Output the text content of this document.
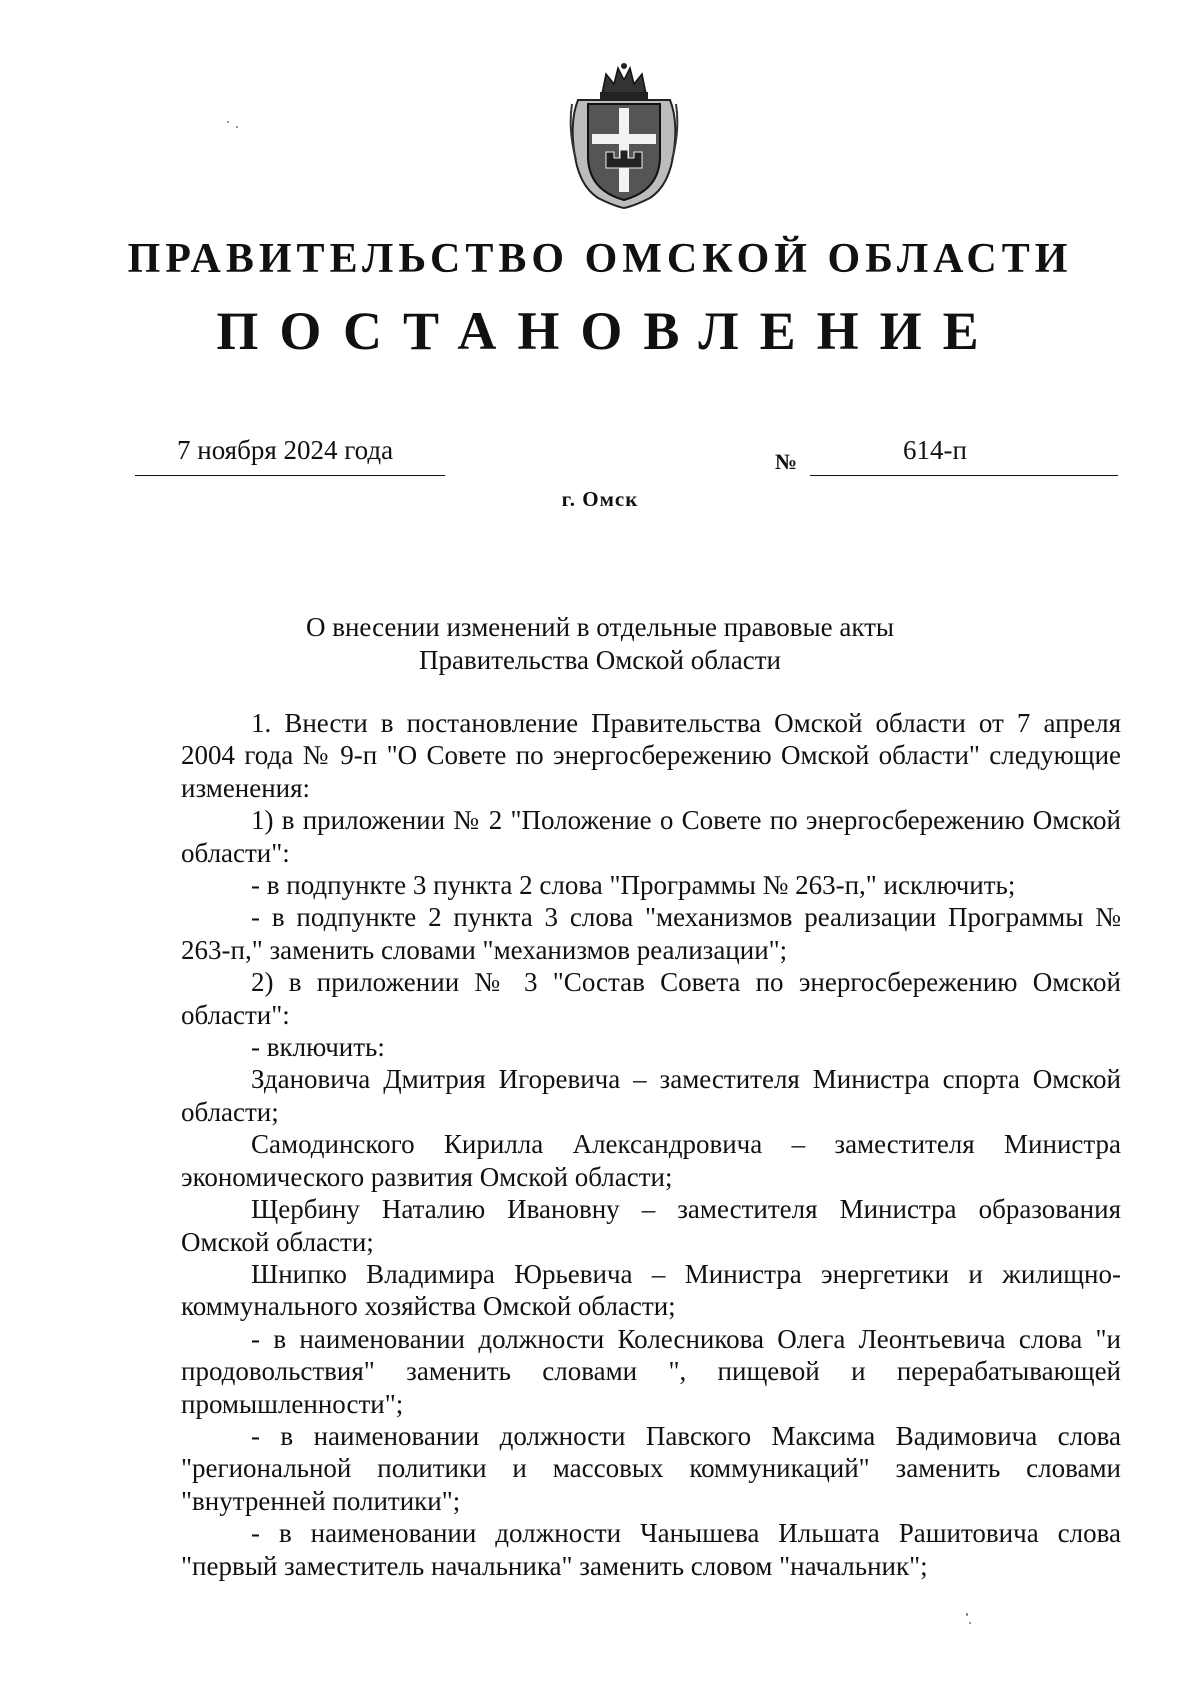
ПРАВИТЕЛЬСТВО ОМСКОЙ ОБЛАСТИ
ПОСТАНОВЛЕНИЕ
7 ноября 2024 года	№	614-п
г. Омск
О внесении изменений в отдельные правовые акты
Правительства Омской области

1. Внести в постановление Правительства Омской области от 7 апреля 2004 года № 9-п "О Совете по энергосбережению Омской области" следующие изменения:

1) в приложении № 2 "Положение о Совете по энергосбережению Омской области":

- в подпункте 3 пункта 2 слова "Программы № 263-п," исключить;

- в подпункте 2 пункта 3 слова "механизмов реализации Программы № 263-п," заменить словами "механизмов реализации";

2) в приложении № 3 "Состав Совета по энергосбережению Омской области":

- включить:

Здановича Дмитрия Игоревича – заместителя Министра спорта Омской области;

Самодинского Кирилла Александровича – заместителя Министра экономического развития Омской области;

Щербину Наталию Ивановну – заместителя Министра образования Омской области;

Шнипко Владимира Юрьевича – Министра энергетики и жилищно-коммунального хозяйства Омской области;

- в наименовании должности Колесникова Олега Леонтьевича слова "и продовольствия" заменить словами ", пищевой и перерабатывающей промышленности";

- в наименовании должности Павского Максима Вадимовича слова "региональной политики и массовых коммуникаций" заменить словами "внутренней политики";

- в наименовании должности Чанышева Ильшата Рашитовича слова "первый заместитель начальника" заменить словом "начальник";
